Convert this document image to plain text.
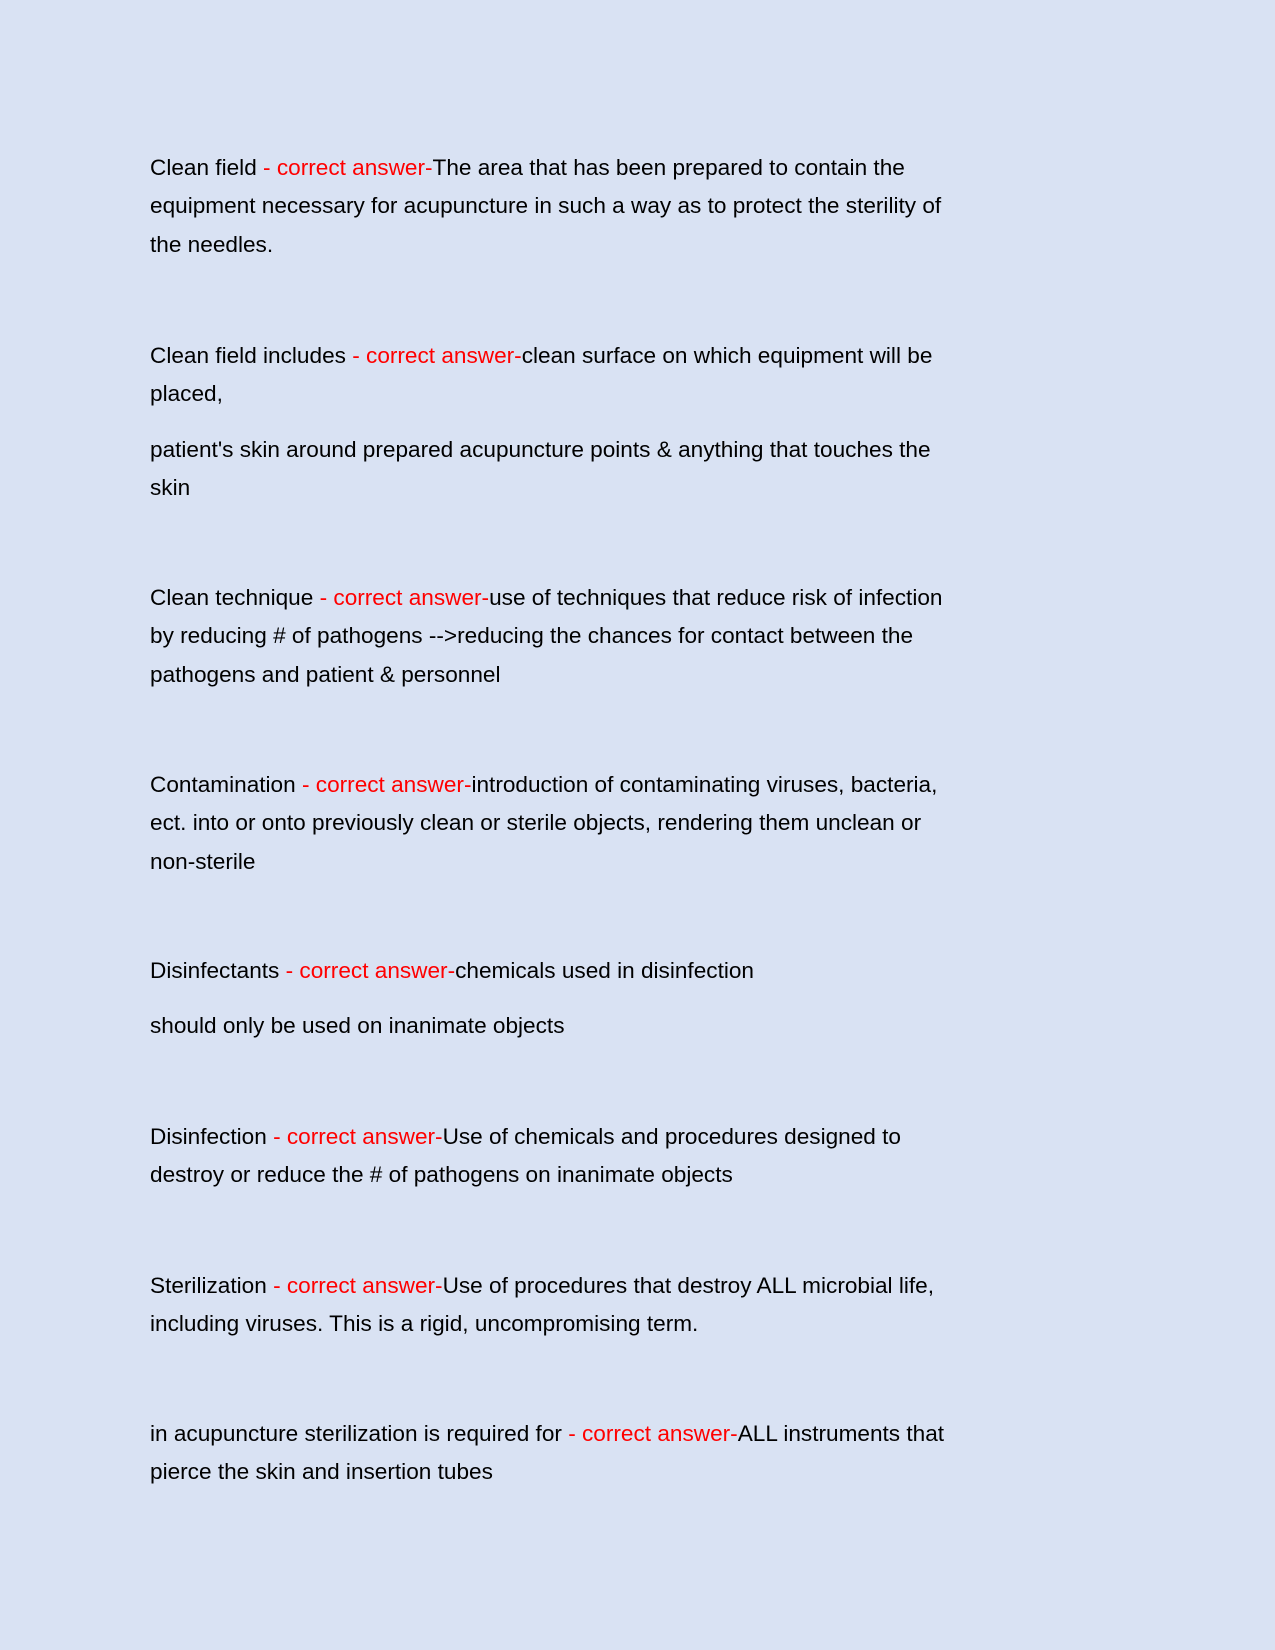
Clean field - correct answer-The area that has been prepared to contain the
equipment necessary for acupuncture in such a way as to protect the sterility of
the needles.
Clean field includes - correct answer-clean surface on which equipment will be
placed,
patient's skin around prepared acupuncture points & anything that touches the
skin
Clean technique - correct answer-use of techniques that reduce risk of infection
by reducing # of pathogens -->reducing the chances for contact between the
pathogens and patient & personnel
Contamination - correct answer-introduction of contaminating viruses, bacteria,
ect. into or onto previously clean or sterile objects, rendering them unclean or
non-sterile
Disinfectants - correct answer-chemicals used in disinfection
should only be used on inanimate objects
Disinfection - correct answer-Use of chemicals and procedures designed to
destroy or reduce the # of pathogens on inanimate objects
Sterilization - correct answer-Use of procedures that destroy ALL microbial life,
including viruses. This is a rigid, uncompromising term.
in acupuncture sterilization is required for - correct answer-ALL instruments that
pierce the skin and insertion tubes
